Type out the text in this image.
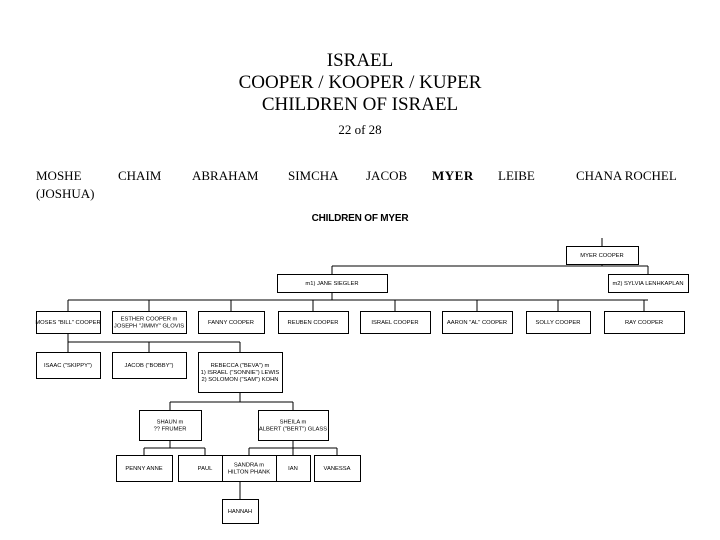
ISRAEL
COOPER / KOOPER / KUPER
CHILDREN OF ISRAEL
22 of 28
MOSHE
(JOSHUA)
CHAIM ABRAHAM SIMCHA JACOB MYER LEIBE	CHANA ROCHEL
CHILDREN OF MYER
MYER COOPER
m1) JANE SIEGLER	m2) SYLVIA LENHKAPLAN
MOSES "BILL" COOPER
ESTHER COOPER m
JOSEPH "JIMMY" GLOVIS
FANNY COOPER	REUBEN COOPER	ISRAEL COOPER	AARON "AL" COOPER	SOLLY COOPER	RAY COOPER
ISAAC ("SKIPPY")	JACOB ("BOBBY")	REBECCA ("BEVA") m
1) ISRAEL ("SONNIE") LEWIS
2) SOLOMON ("SAM") KOHN
SHAUN m
?? FRUMER
SHEILA m
ALBERT ("BERT") GLASS
PENNY ANNE	PAUL
SANDRA m
HILTON PHANK
IAN	VANESSA
HANNAH
